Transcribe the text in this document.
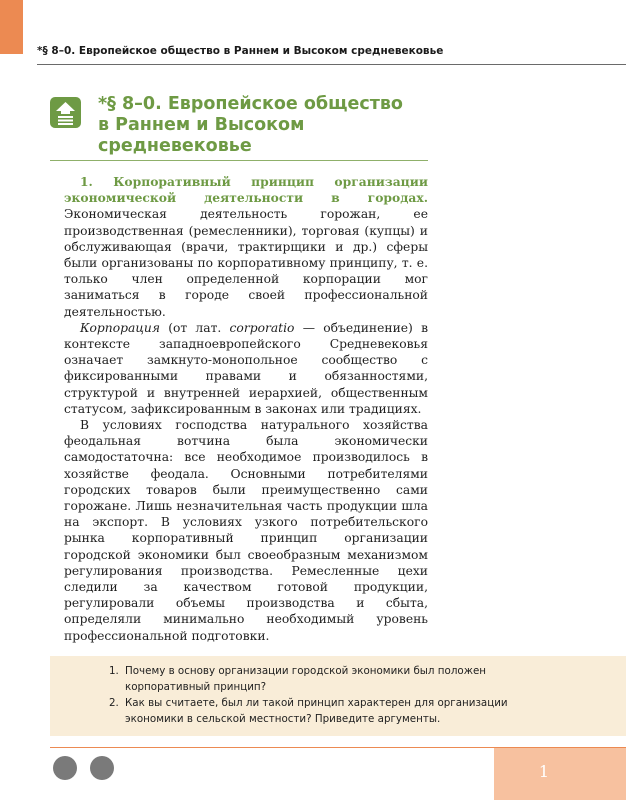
*§ 8–0. Европейское общество в Раннем и Высоком средневековье
*§ 8–0. Европейское общество
в Раннем и Высоком
средневековье

1. Корпоративный принцип организации экономической деятельности в городах. Экономическая деятельность горожан, ее производственная (ремесленники), торговая (купцы) и обслуживающая (врачи, трактирщики и др.) сферы были организованы по корпоративному принципу, т. е. только член определенной корпорации мог заниматься в городе своей профессиональной деятельностью.

Корпорация (от лат. corporatio — объединение) в контексте западноевропейского Средневековья означает замкнуто-монопольное сообщество с фиксированными правами и обязанностями, структурой и внутренней иерархией, общественным статусом, зафиксированным в законах или традициях.

В условиях господства натурального хозяйства феодальная вотчина была экономически самодостаточна: все необходимое производилось в хозяйстве феодала. Основными потребителями городских товаров были преимущественно сами горожане. Лишь незначительная часть продукции шла на экспорт. В условиях узкого потребительского рынка корпоративный принцип организации городской экономики был своеобразным механизмом регулирования производства. Ремесленные цехи следили за качеством готовой продукции, регулировали объемы производства и сбыта, определяли минимально необходимый уровень профессиональной подготовки.

1. Почему в основу организации городской экономики был положен корпоративный принцип?
2. Как вы считаете, был ли такой принцип характерен для организации экономики в сельской местности? Приведите аргументы.
1
